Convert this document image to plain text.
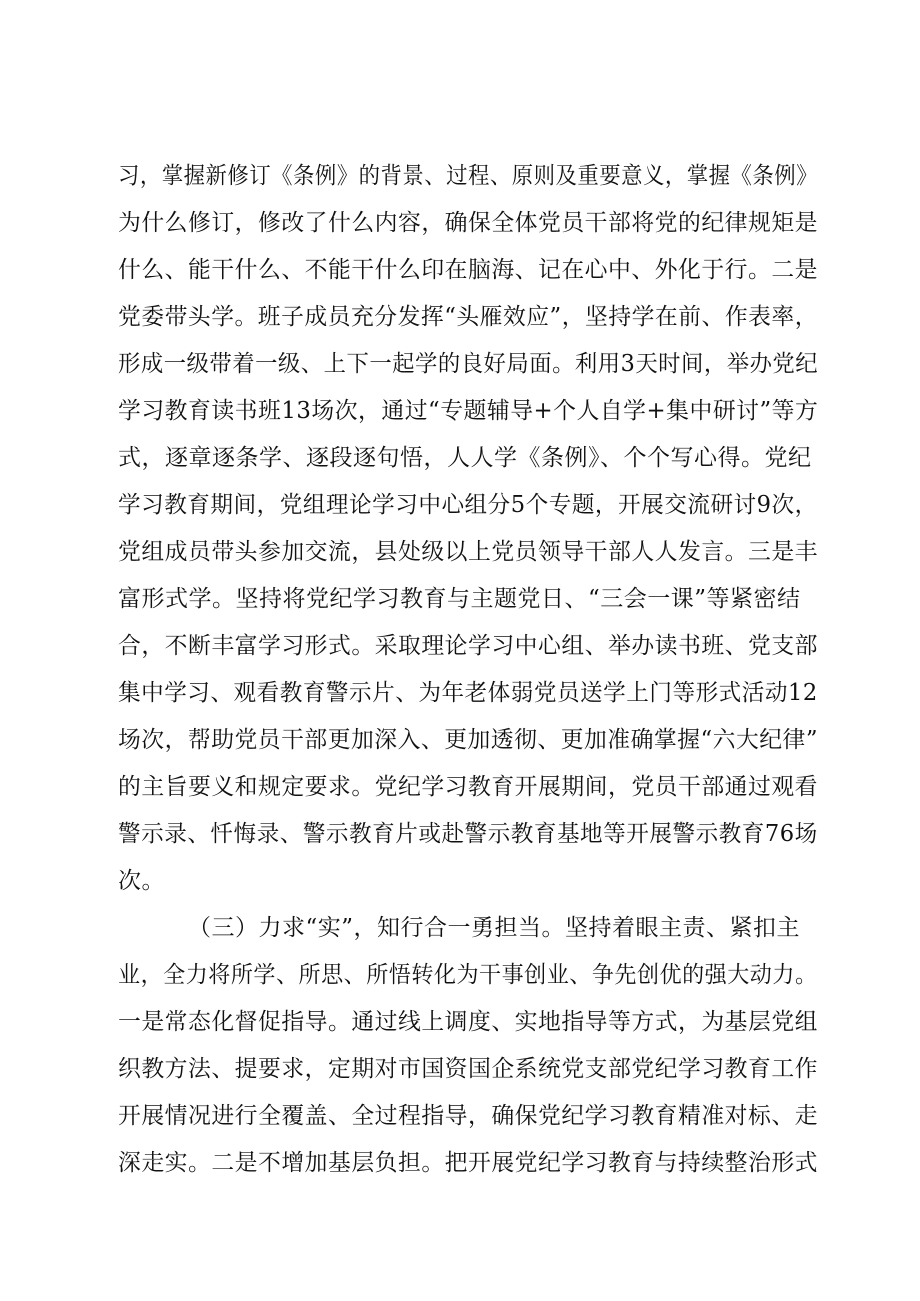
习，掌握新修订《条例》的背景、过程、原则及重要意义，掌握《条例》
为什么修订，修改了什么内容，确保全体党员干部将党的纪律规矩是
什么、能干什么、不能干什么印在脑海、记在心中、外化于行。二是
党委带头学。班子成员充分发挥“头雁效应”，坚持学在前、作表率，
形成一级带着一级、上下一起学的良好局面。利用3天时间，举办党纪
学习教育读书班13场次，通过“专题辅导+个人自学+集中研讨”等方
式，逐章逐条学、逐段逐句悟，人人学《条例》、个个写心得。党纪
学习教育期间，党组理论学习中心组分5个专题，开展交流研讨9次，
党组成员带头参加交流，县处级以上党员领导干部人人发言。三是丰
富形式学。坚持将党纪学习教育与主题党日、“三会一课”等紧密结
合，不断丰富学习形式。采取理论学习中心组、举办读书班、党支部
集中学习、观看教育警示片、为年老体弱党员送学上门等形式活动12
场次，帮助党员干部更加深入、更加透彻、更加准确掌握“六大纪律”
的主旨要义和规定要求。党纪学习教育开展期间，党员干部通过观看
警示录、忏悔录、警示教育片或赴警示教育基地等开展警示教育76场
次。
（三）力求“实”，知行合一勇担当。坚持着眼主责、紧扣主
业，全力将所学、所思、所悟转化为干事创业、争先创优的强大动力。
一是常态化督促指导。通过线上调度、实地指导等方式，为基层党组
织教方法、提要求，定期对市国资国企系统党支部党纪学习教育工作
开展情况进行全覆盖、全过程指导，确保党纪学习教育精准对标、走
深走实。二是不增加基层负担。把开展党纪学习教育与持续整治形式
